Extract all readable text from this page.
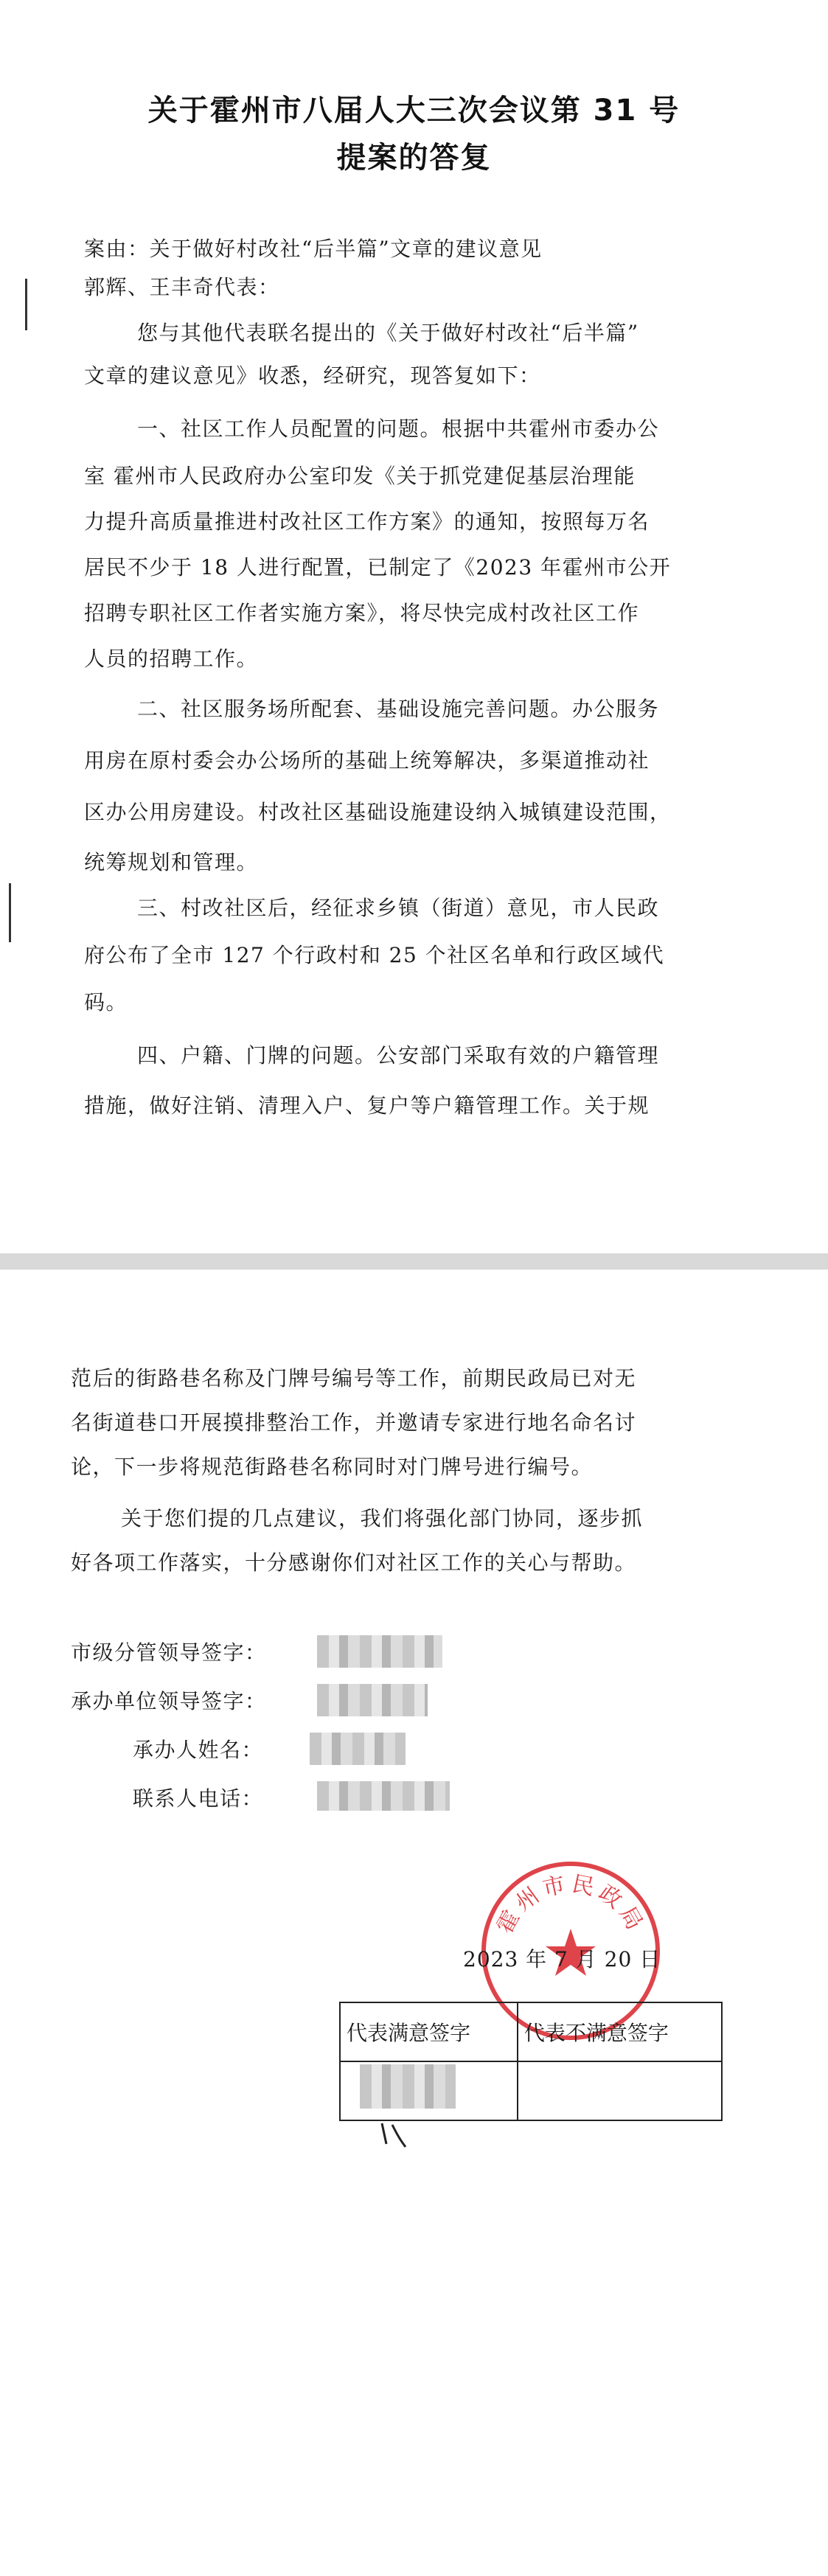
关于霍州市八届人大三次会议第 31 号
提案的答复
案由：关于做好村改社“后半篇”文章的建议意见
郭辉、王丰奇代表：
您与其他代表联名提出的《关于做好村改社“后半篇”
文章的建议意见》收悉，经研究，现答复如下：
一、社区工作人员配置的问题。根据中共霍州市委办公
室 霍州市人民政府办公室印发《关于抓党建促基层治理能
力提升高质量推进村改社区工作方案》的通知，按照每万名
居民不少于 18 人进行配置，已制定了《2023 年霍州市公开
招聘专职社区工作者实施方案》，将尽快完成村改社区工作
人员的招聘工作。
二、社区服务场所配套、基础设施完善问题。办公服务
用房在原村委会办公场所的基础上统筹解决，多渠道推动社
区办公用房建设。村改社区基础设施建设纳入城镇建设范围，
统筹规划和管理。
三、村改社区后，经征求乡镇（街道）意见，市人民政
府公布了全市 127 个行政村和 25 个社区名单和行政区域代
码。
四、户籍、门牌的问题。公安部门采取有效的户籍管理
措施，做好注销、清理入户、复户等户籍管理工作。关于规
范后的街路巷名称及门牌号编号等工作，前期民政局已对无
名街道巷口开展摸排整治工作，并邀请专家进行地名命名讨
论，下一步将规范街路巷名称同时对门牌号进行编号。
关于您们提的几点建议，我们将强化部门协同，逐步抓
好各项工作落实，十分感谢你们对社区工作的关心与帮助。
市级分管领导签字：
承办单位领导签字：
承办人姓名：
联系人电话：
霍州市民政局
2023 年 7 月 20 日
代表满意签字	代表不满意签字
